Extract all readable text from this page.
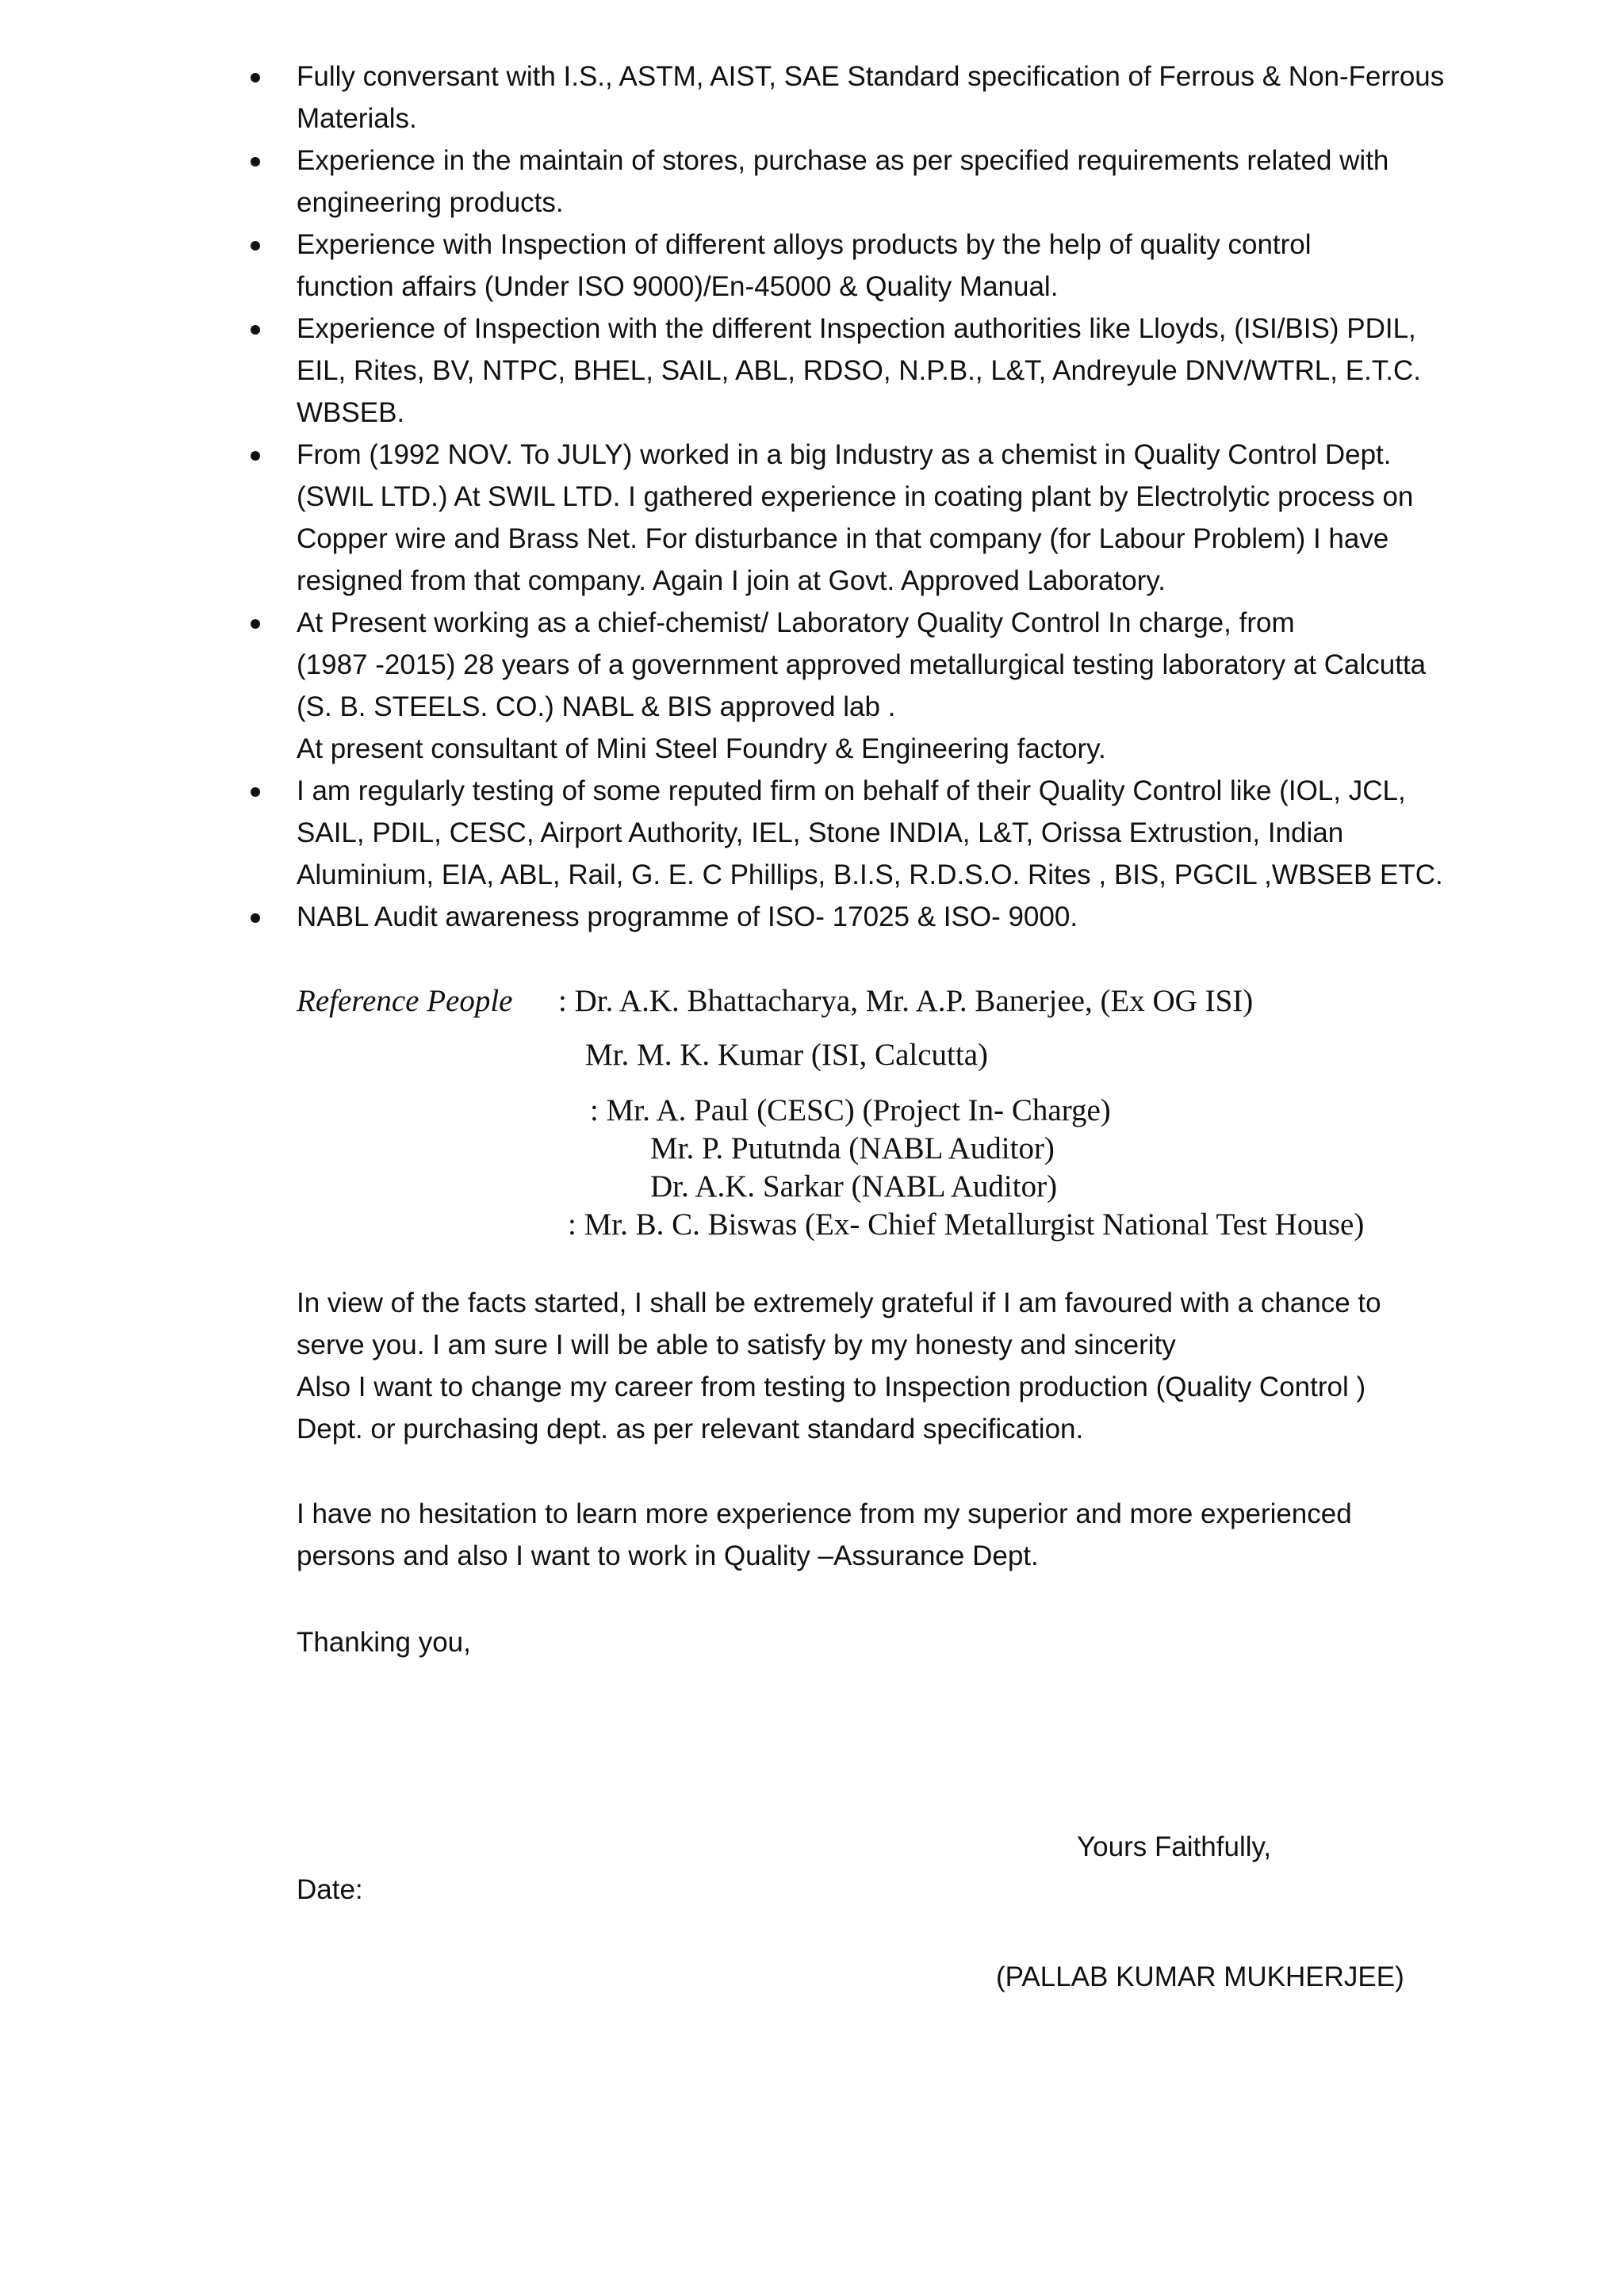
Fully conversant with I.S., ASTM, AIST, SAE Standard specification of Ferrous & Non-Ferrous
Materials.
Experience in the maintain of stores, purchase as per specified requirements related with
engineering products.
Experience with Inspection of different alloys products by the help of quality control
function affairs (Under ISO 9000)/En-45000 & Quality Manual.
Experience of Inspection with the different Inspection authorities like Lloyds, (ISI/BIS) PDIL,
EIL, Rites, BV, NTPC, BHEL, SAIL, ABL, RDSO, N.P.B., L&T, Andreyule DNV/WTRL, E.T.C.
WBSEB.
From (1992 NOV. To JULY) worked in a big Industry as a chemist in Quality Control Dept.
(SWIL LTD.) At SWIL LTD. I gathered experience in coating plant by Electrolytic process on
Copper wire and Brass Net. For disturbance in that company (for Labour Problem) I have
resigned from that company. Again I join at Govt. Approved Laboratory.
At Present working as a chief-chemist/ Laboratory Quality Control In charge, from
(1987 -2015) 28 years of a government approved metallurgical testing laboratory at Calcutta
(S. B. STEELS. CO.) NABL & BIS approved lab .
At present consultant of Mini Steel Foundry & Engineering factory.
I am regularly testing of some reputed firm on behalf of their Quality Control like (IOL, JCL,
SAIL, PDIL, CESC, Airport Authority, IEL, Stone INDIA, L&T, Orissa Extrustion, Indian
Aluminium, EIA, ABL, Rail, G. E. C Phillips, B.I.S, R.D.S.O. Rites , BIS, PGCIL ,WBSEB ETC.
NABL Audit awareness programme of ISO- 17025 & ISO- 9000.
Reference People : Dr. A.K. Bhattacharya, Mr. A.P. Banerjee, (Ex OG ISI)
Mr. M. K. Kumar (ISI, Calcutta)
: Mr. A. Paul (CESC) (Project In- Charge)
Mr. P. Pututnda (NABL Auditor)
Dr. A.K. Sarkar (NABL Auditor)
: Mr. B. C. Biswas (Ex- Chief Metallurgist National Test House)
In view of the facts started, I shall be extremely grateful if I am favoured with a chance to
serve you. I am sure I will be able to satisfy by my honesty and sincerity
Also I want to change my career from testing to Inspection production (Quality Control )
Dept. or purchasing dept. as per relevant standard specification.
I have no hesitation to learn more experience from my superior and more experienced
persons and also I want to work in Quality –Assurance Dept.
Thanking you,
Yours Faithfully,
Date:
(PALLAB KUMAR MUKHERJEE)
